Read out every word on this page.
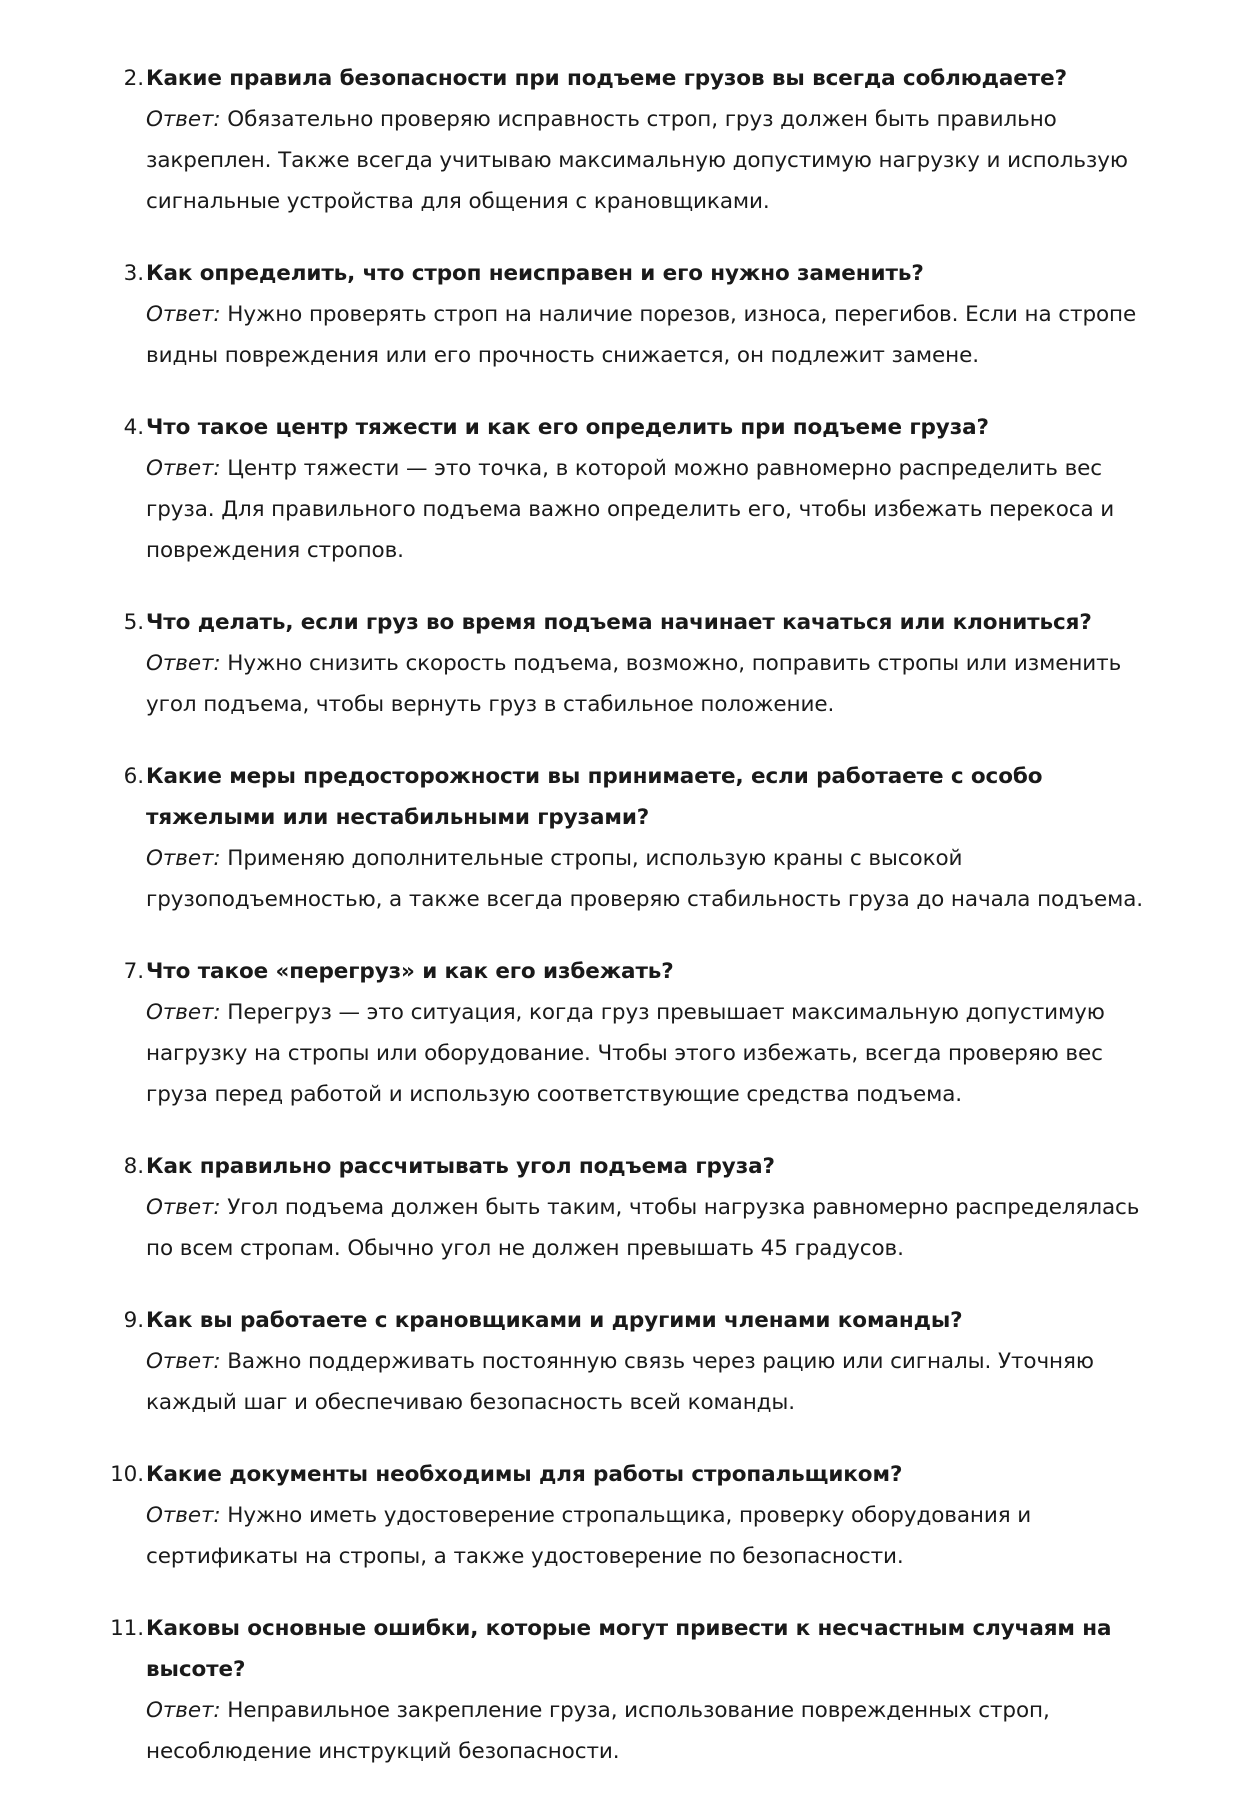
2. Какие правила безопасности при подъеме грузов вы всегда соблюдаете?
Ответ: Обязательно проверяю исправность строп, груз должен быть правильно закреплен. Также всегда учитываю максимальную допустимую нагрузку и использую сигнальные устройства для общения с крановщиками.
3. Как определить, что строп неисправен и его нужно заменить?
Ответ: Нужно проверять строп на наличие порезов, износа, перегибов. Если на стропе видны повреждения или его прочность снижается, он подлежит замене.
4. Что такое центр тяжести и как его определить при подъеме груза?
Ответ: Центр тяжести — это точка, в которой можно равномерно распределить вес груза. Для правильного подъема важно определить его, чтобы избежать перекоса и повреждения стропов.
5. Что делать, если груз во время подъема начинает качаться или клониться?
Ответ: Нужно снизить скорость подъема, возможно, поправить стропы или изменить угол подъема, чтобы вернуть груз в стабильное положение.
6. Какие меры предосторожности вы принимаете, если работаете с особо тяжелыми или нестабильными грузами?
Ответ: Применяю дополнительные стропы, использую краны с высокой грузоподъемностью, а также всегда проверяю стабильность груза до начала подъема.
7. Что такое «перегруз» и как его избежать?
Ответ: Перегруз — это ситуация, когда груз превышает максимальную допустимую нагрузку на стропы или оборудование. Чтобы этого избежать, всегда проверяю вес груза перед работой и использую соответствующие средства подъема.
8. Как правильно рассчитывать угол подъема груза?
Ответ: Угол подъема должен быть таким, чтобы нагрузка равномерно распределялась по всем стропам. Обычно угол не должен превышать 45 градусов.
9. Как вы работаете с крановщиками и другими членами команды?
Ответ: Важно поддерживать постоянную связь через рацию или сигналы. Уточняю каждый шаг и обеспечиваю безопасность всей команды.
10. Какие документы необходимы для работы стропальщиком?
Ответ: Нужно иметь удостоверение стропальщика, проверку оборудования и сертификаты на стропы, а также удостоверение по безопасности.
11. Каковы основные ошибки, которые могут привести к несчастным случаям на высоте?
Ответ: Неправильное закрепление груза, использование поврежденных строп, несоблюдение инструкций безопасности.
